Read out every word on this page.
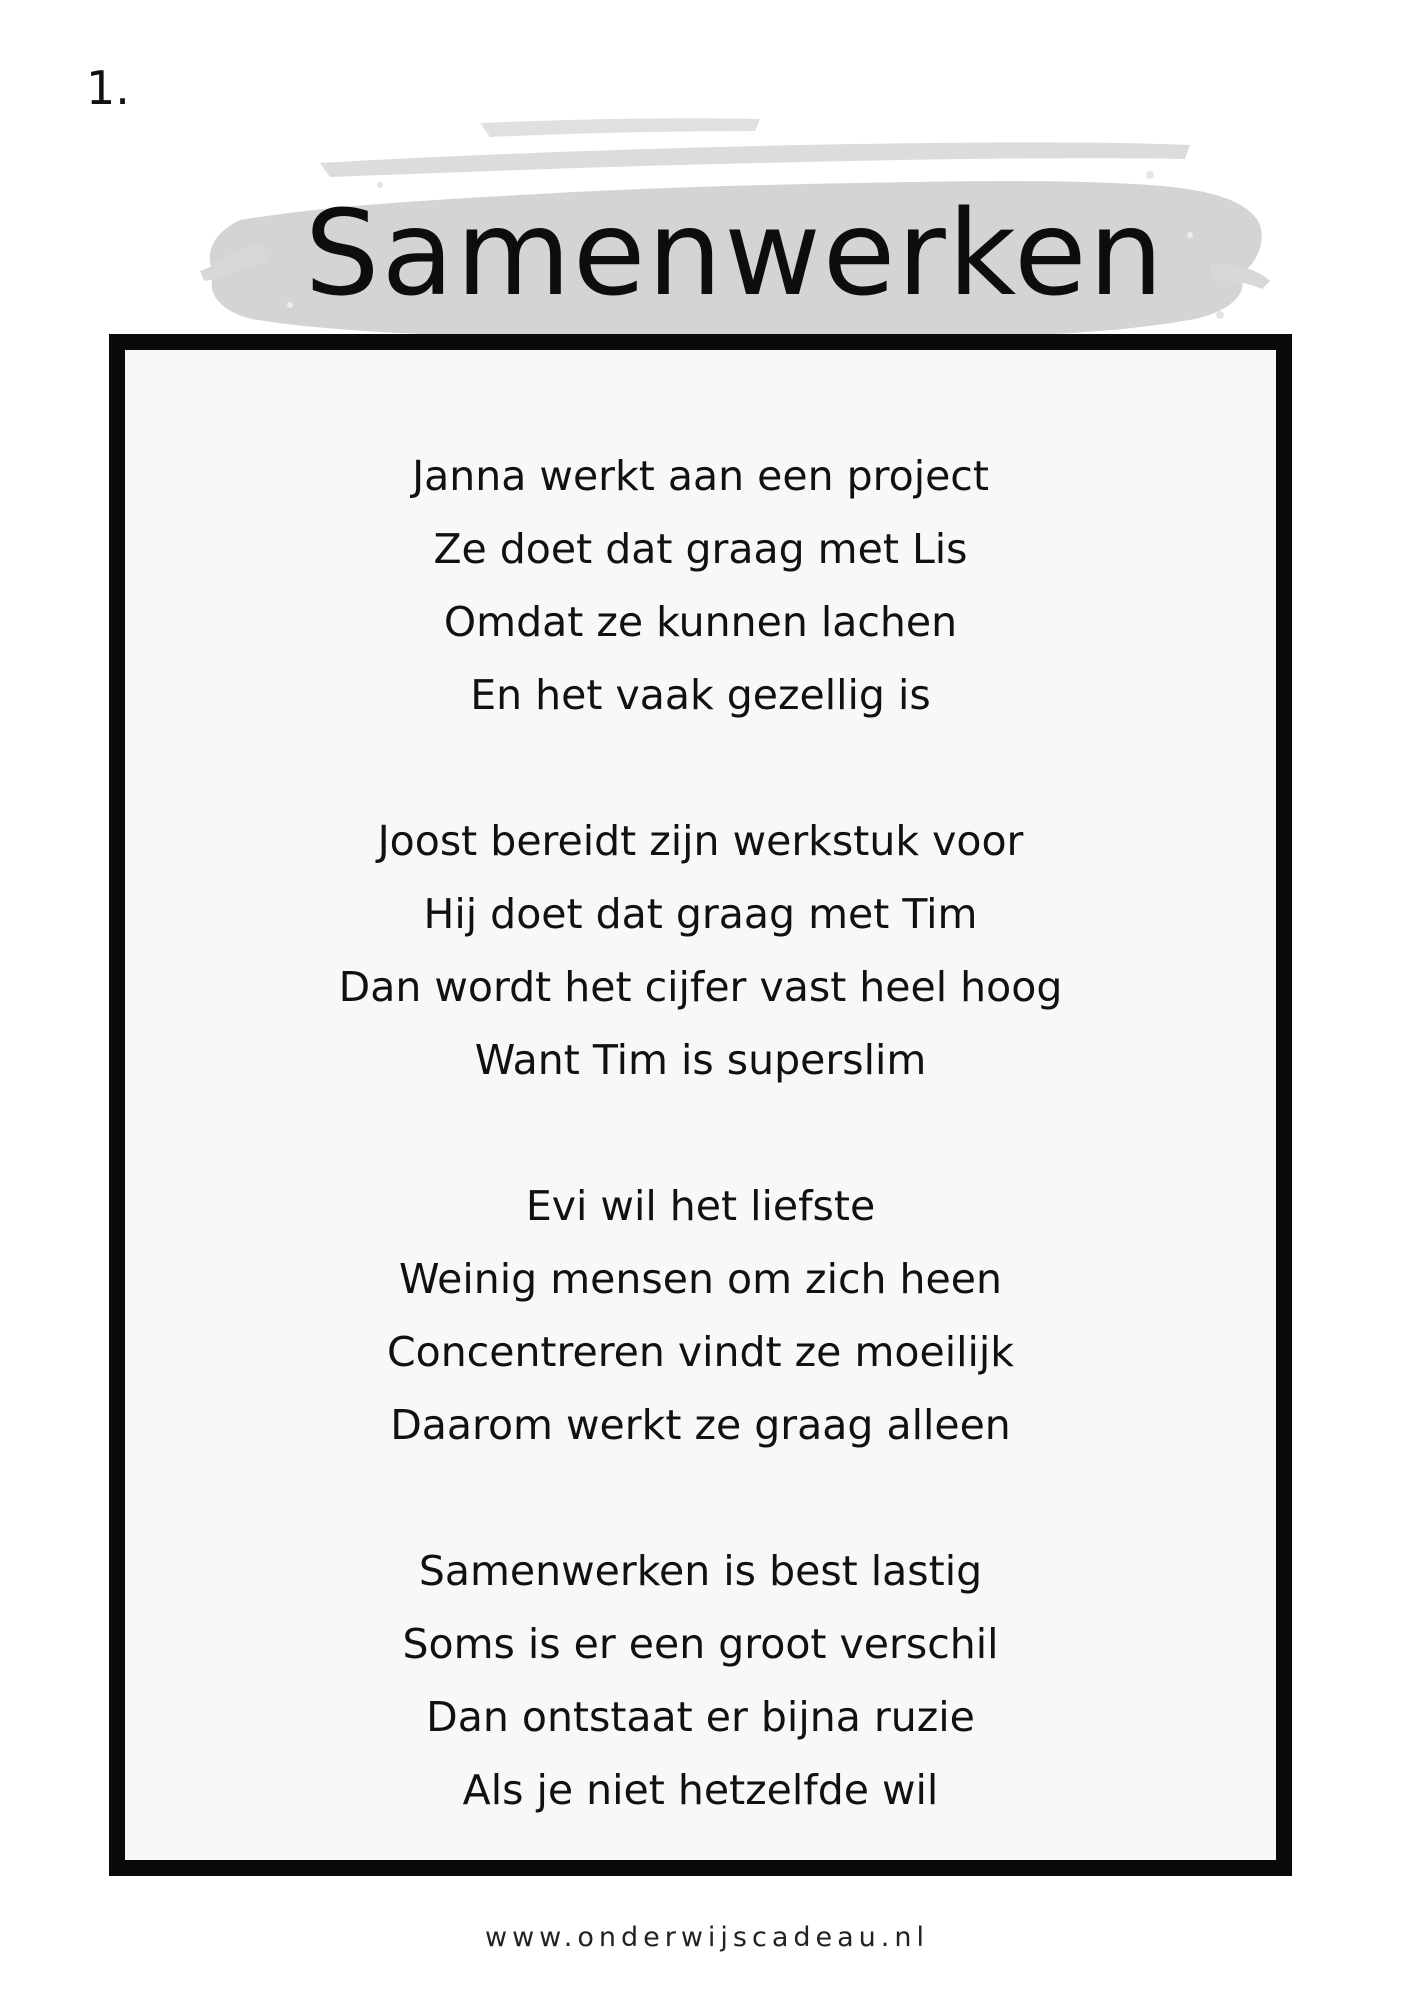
1.
Samenwerken
Janna werkt aan een project
Ze doet dat graag met Lis
Omdat ze kunnen lachen
En het vaak gezellig is
Joost bereidt zijn werkstuk voor
Hij doet dat graag met Tim
Dan wordt het cijfer vast heel hoog
Want Tim is superslim
Evi wil het liefste
Weinig mensen om zich heen
Concentreren vindt ze moeilijk
Daarom werkt ze graag alleen
Samenwerken is best lastig
Soms is er een groot verschil
Dan ontstaat er bijna ruzie
Als je niet hetzelfde wil
www.onderwijscadeau.nl
